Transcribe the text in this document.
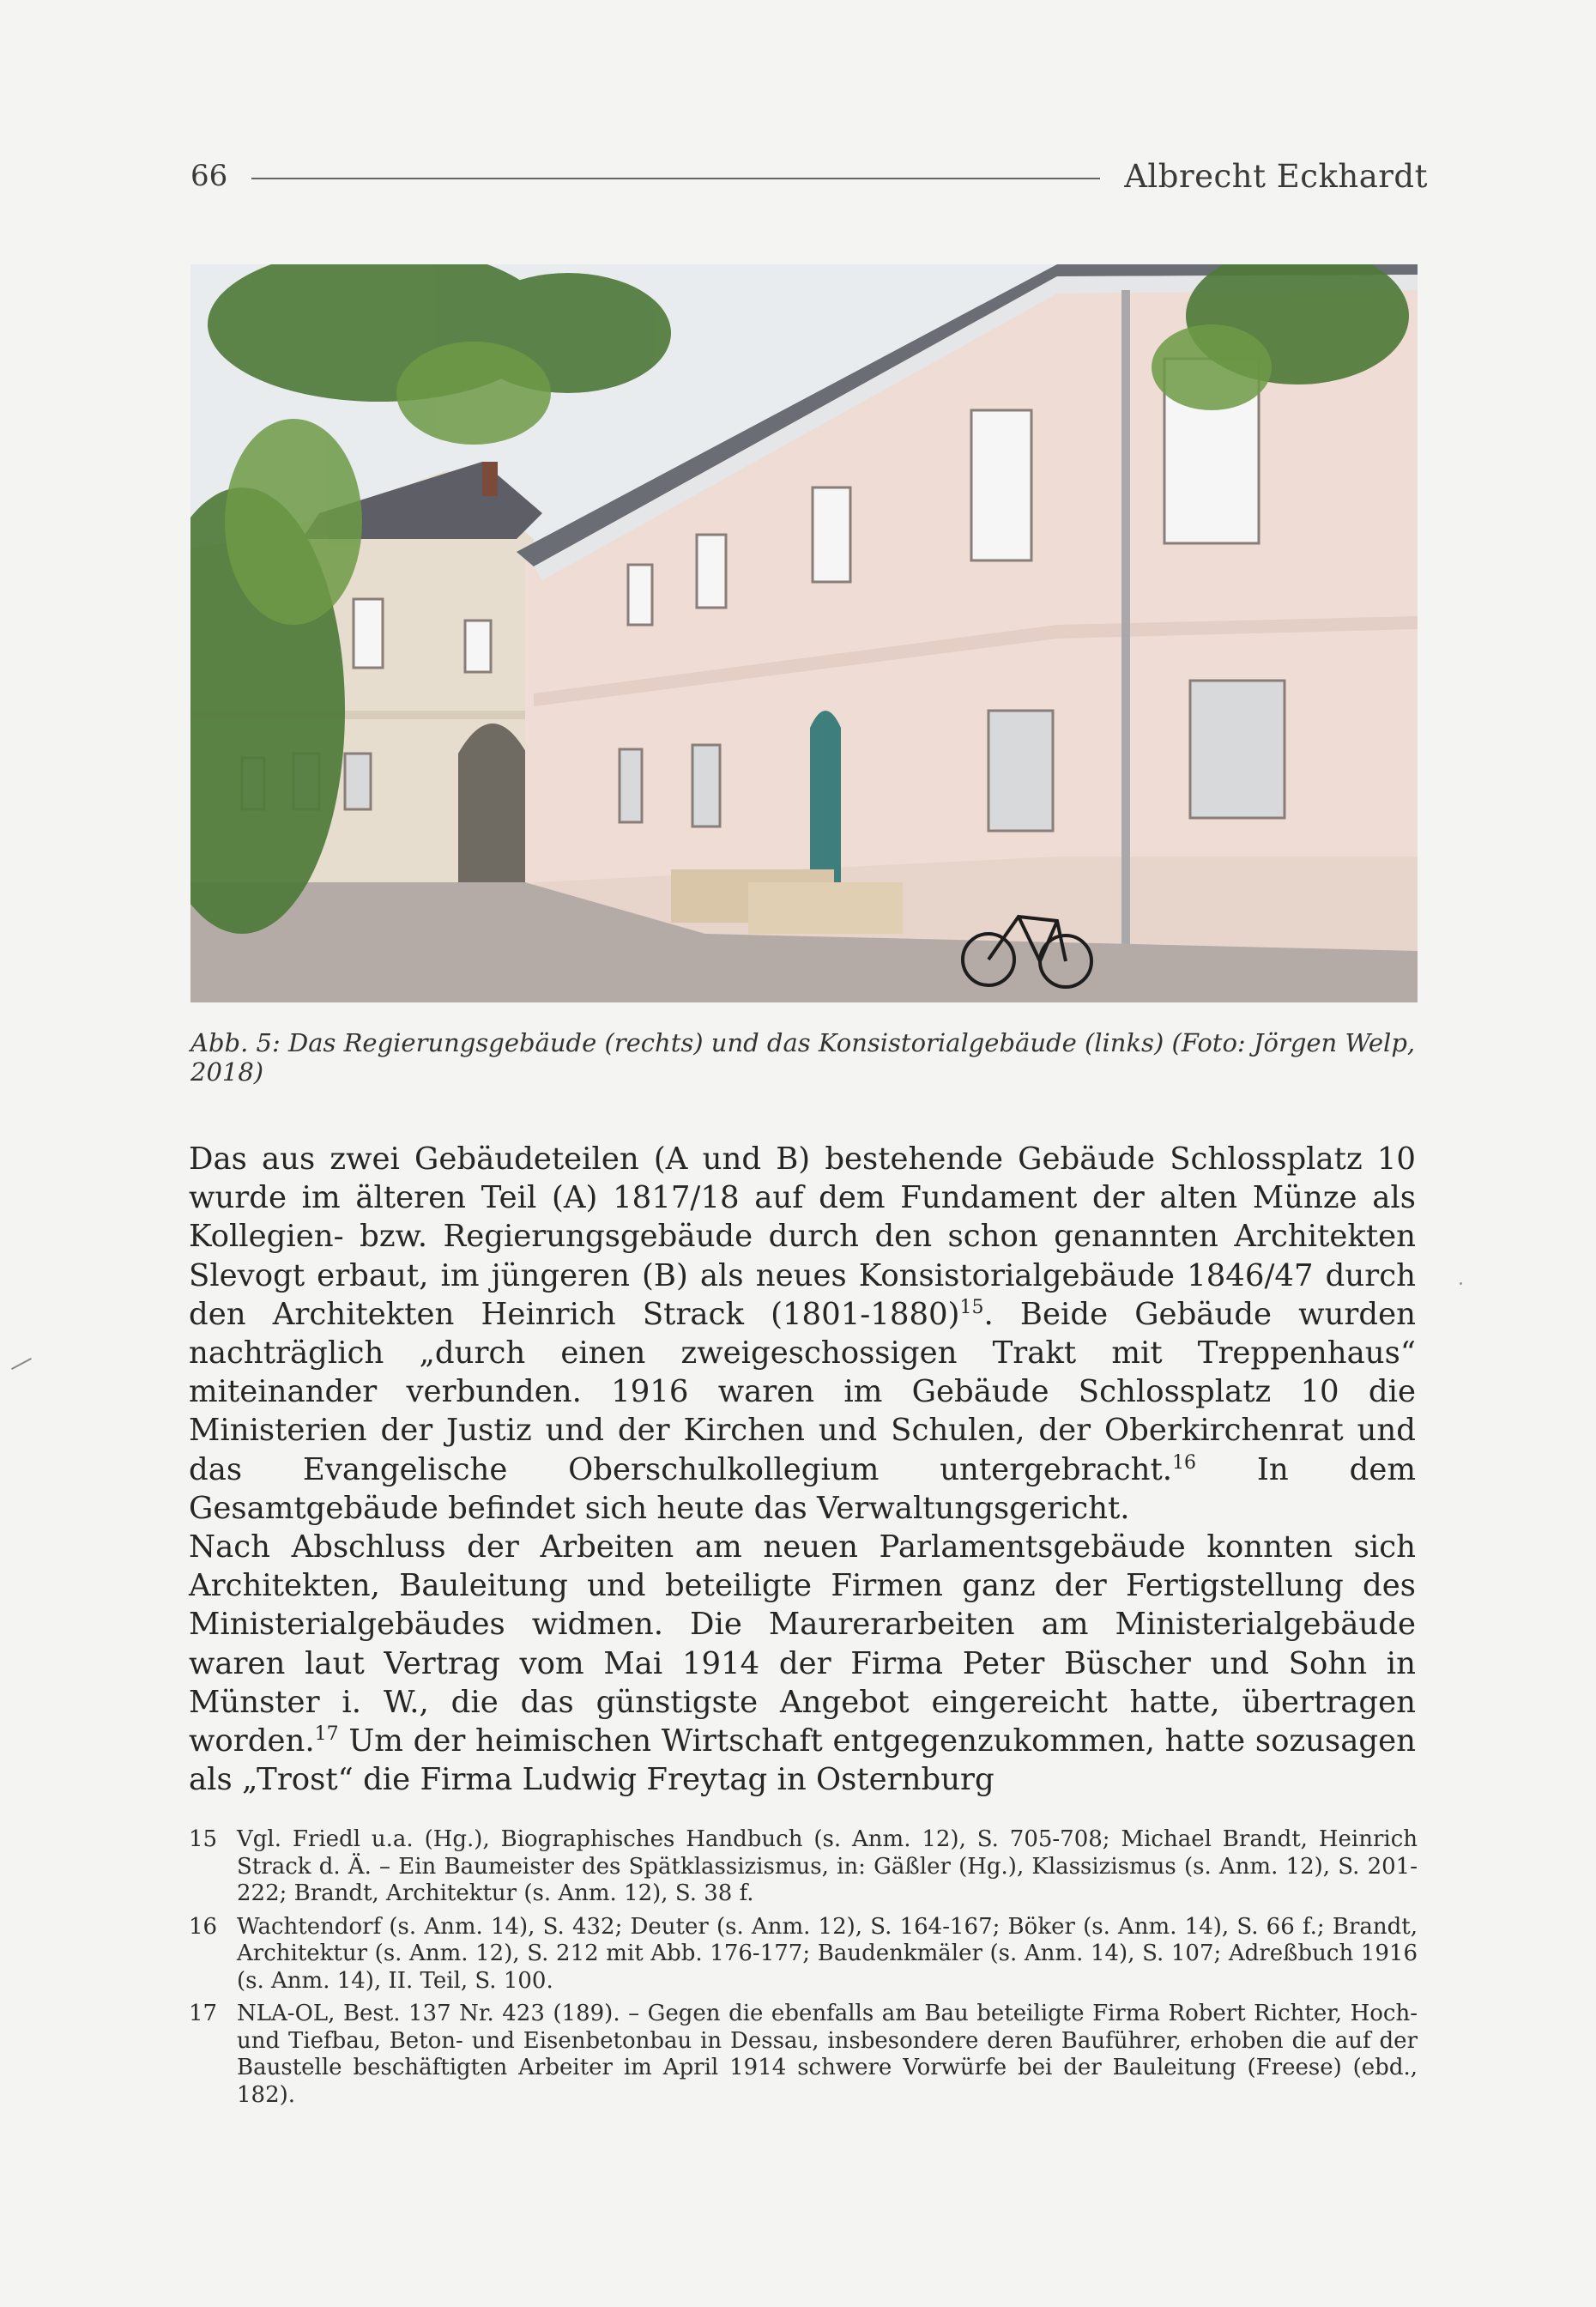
66	Albrecht Eckhardt
Abb. 5: Das Regierungsgebäude (rechts) und das Konsistorialgebäude (links) (Foto: Jörgen Welp, 2018)

Das aus zwei Gebäudeteilen (A und B) bestehende Gebäude Schlossplatz 10 wurde im älteren Teil (A) 1817/18 auf dem Fundament der alten Münze als Kollegien- bzw. Regierungsgebäude durch den schon genannten Architekten Slevogt erbaut, im jüngeren (B) als neues Konsistorialgebäude 1846/47 durch den Architekten Heinrich Strack (1801-1880)$^{15}$. Beide Gebäude wurden nachträglich „durch einen zweigeschossigen Trakt mit Treppenhaus“ miteinander verbunden. 1916 waren im Gebäude Schlossplatz 10 die Ministerien der Justiz und der Kirchen und Schulen, der Oberkirchenrat und das Evangelische Oberschulkollegium untergebracht.$^{16}$ In dem Gesamtgebäude befindet sich heute das Verwaltungsgericht.

Nach Abschluss der Arbeiten am neuen Parlamentsgebäude konnten sich Architekten, Bauleitung und beteiligte Firmen ganz der Fertigstellung des Ministerialgebäudes widmen. Die Maurerarbeiten am Ministerialgebäude waren laut Vertrag vom Mai 1914 der Firma Peter Büscher und Sohn in Münster i. W., die das günstigste Angebot eingereicht hatte, übertragen worden.$^{17}$ Um der heimischen Wirtschaft entgegenzukommen, hatte sozusagen als „Trost“ die Firma Ludwig Freytag in Osternburg

15 Vgl. Friedl u.a. (Hg.), Biographisches Handbuch (s. Anm. 12), S. 705-708; Michael Brandt, Heinrich Strack d. Ä. – Ein Baumeister des Spätklassizismus, in: Gäßler (Hg.), Klassizismus (s. Anm. 12), S. 201-222; Brandt, Architektur (s. Anm. 12), S. 38 f.
16 Wachtendorf (s. Anm. 14), S. 432; Deuter (s. Anm. 12), S. 164-167; Böker (s. Anm. 14), S. 66 f.; Brandt, Architektur (s. Anm. 12), S. 212 mit Abb. 176-177; Baudenkmäler (s. Anm. 14), S. 107; Adreßbuch 1916 (s. Anm. 14), II. Teil, S. 100.
17 NLA-OL, Best. 137 Nr. 423 (189). – Gegen die ebenfalls am Bau beteiligte Firma Robert Richter, Hoch- und Tiefbau, Beton- und Eisenbetonbau in Dessau, insbesondere deren Bauführer, erhoben die auf der Baustelle beschäftigten Arbeiter im April 1914 schwere Vorwürfe bei der Bauleitung (Freese) (ebd., 182).
